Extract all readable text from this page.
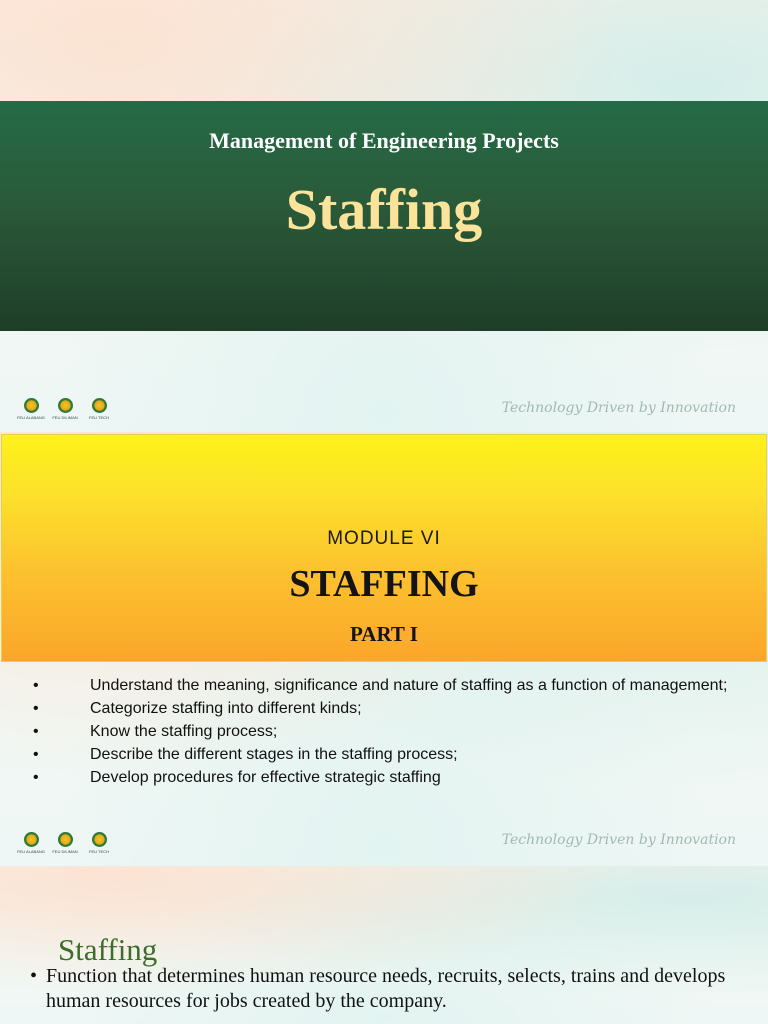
Management of Engineering Projects
Staffing
FEU ALABANG FEU DILIMAN	FEU TECH
Technology Driven by Innovation
MODULE VI
STAFFING
PART I
•	Understand the meaning, significance and nature of staffing as a function of management;
•	Categorize staffing into different kinds;
•	Know the staffing process;
•	Describe the different stages in the staffing process;
•	Develop procedures for effective strategic staffing
FEU ALABANG FEU DILIMAN	FEU TECH
Technology Driven by Innovation
Staffing
• Function that determines human resource needs, recruits, selects, trains and develops human resources for jobs created by the company.
